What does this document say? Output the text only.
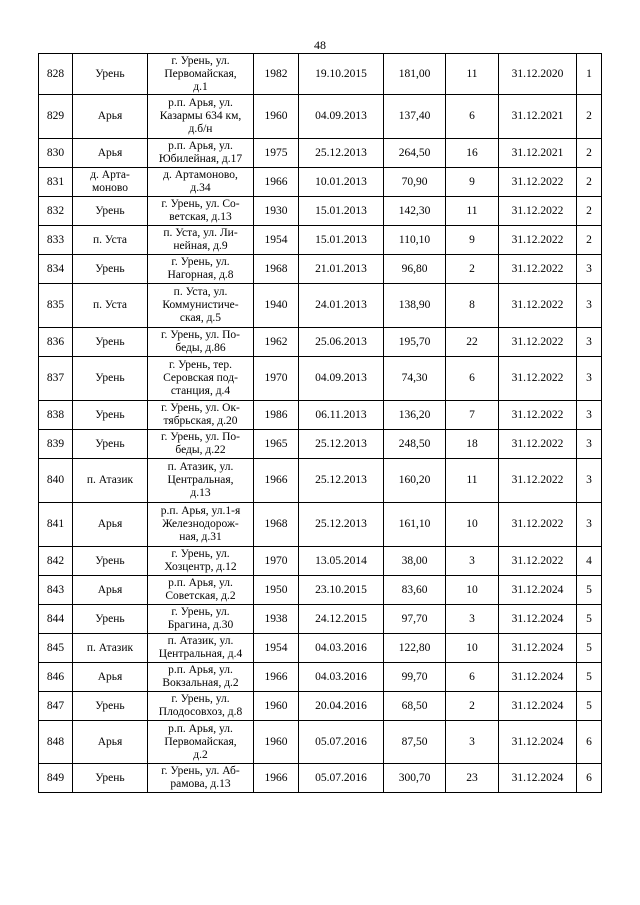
48
828	Урень	г. Урень, ул.
Первомайская,
д.1	1982	19.10.2015	181,00	11	31.12.2020	1
829	Арья	р.п. Арья, ул.
Казармы 634 км,
д.б/н	1960	04.09.2013	137,40	6	31.12.2021	2
830	Арья	р.п. Арья, ул.
Юбилейная, д.17	1975	25.12.2013	264,50	16	31.12.2021	2
831	д. Арта-
моново	д. Артамоново,
д.34	1966	10.01.2013	70,90	9	31.12.2022	2
832	Урень	г. Урень, ул. Со-
ветская, д.13	1930	15.01.2013	142,30	11	31.12.2022	2
833	п. Уста	п. Уста, ул. Ли-
нейная, д.9	1954	15.01.2013	110,10	9	31.12.2022	2
834	Урень	г. Урень, ул.
Нагорная, д.8	1968	21.01.2013	96,80	2	31.12.2022	3
835	п. Уста	п. Уста, ул.
Коммунистиче-
ская, д.5	1940	24.01.2013	138,90	8	31.12.2022	3
836	Урень	г. Урень, ул. По-
беды, д.86	1962	25.06.2013	195,70	22	31.12.2022	3
837	Урень	г. Урень, тер.
Серовская под-
станция, д.4	1970	04.09.2013	74,30	6	31.12.2022	3
838	Урень	г. Урень, ул. Ок-
тябрьская, д.20	1986	06.11.2013	136,20	7	31.12.2022	3
839	Урень	г. Урень, ул. По-
беды, д.22	1965	25.12.2013	248,50	18	31.12.2022	3
840	п. Атазик	п. Атазик, ул.
Центральная,
д.13	1966	25.12.2013	160,20	11	31.12.2022	3
841	Арья	р.п. Арья, ул.1-я
Железнодорож-
ная, д.31	1968	25.12.2013	161,10	10	31.12.2022	3
842	Урень	г. Урень, ул.
Хозцентр, д.12	1970	13.05.2014	38,00	3	31.12.2022	4
843	Арья	р.п. Арья, ул.
Советская, д.2	1950	23.10.2015	83,60	10	31.12.2024	5
844	Урень	г. Урень, ул.
Брагина, д.30	1938	24.12.2015	97,70	3	31.12.2024	5
845	п. Атазик	п. Атазик, ул.
Центральная, д.4	1954	04.03.2016	122,80	10	31.12.2024	5
846	Арья	р.п. Арья, ул.
Вокзальная, д.2	1966	04.03.2016	99,70	6	31.12.2024	5
847	Урень	г. Урень, ул.
Плодосовхоз, д.8	1960	20.04.2016	68,50	2	31.12.2024	5
848	Арья	р.п. Арья, ул.
Первомайская,
д.2	1960	05.07.2016	87,50	3	31.12.2024	6
849	Урень	г. Урень, ул. Аб-
рамова, д.13	1966	05.07.2016	300,70	23	31.12.2024	6
